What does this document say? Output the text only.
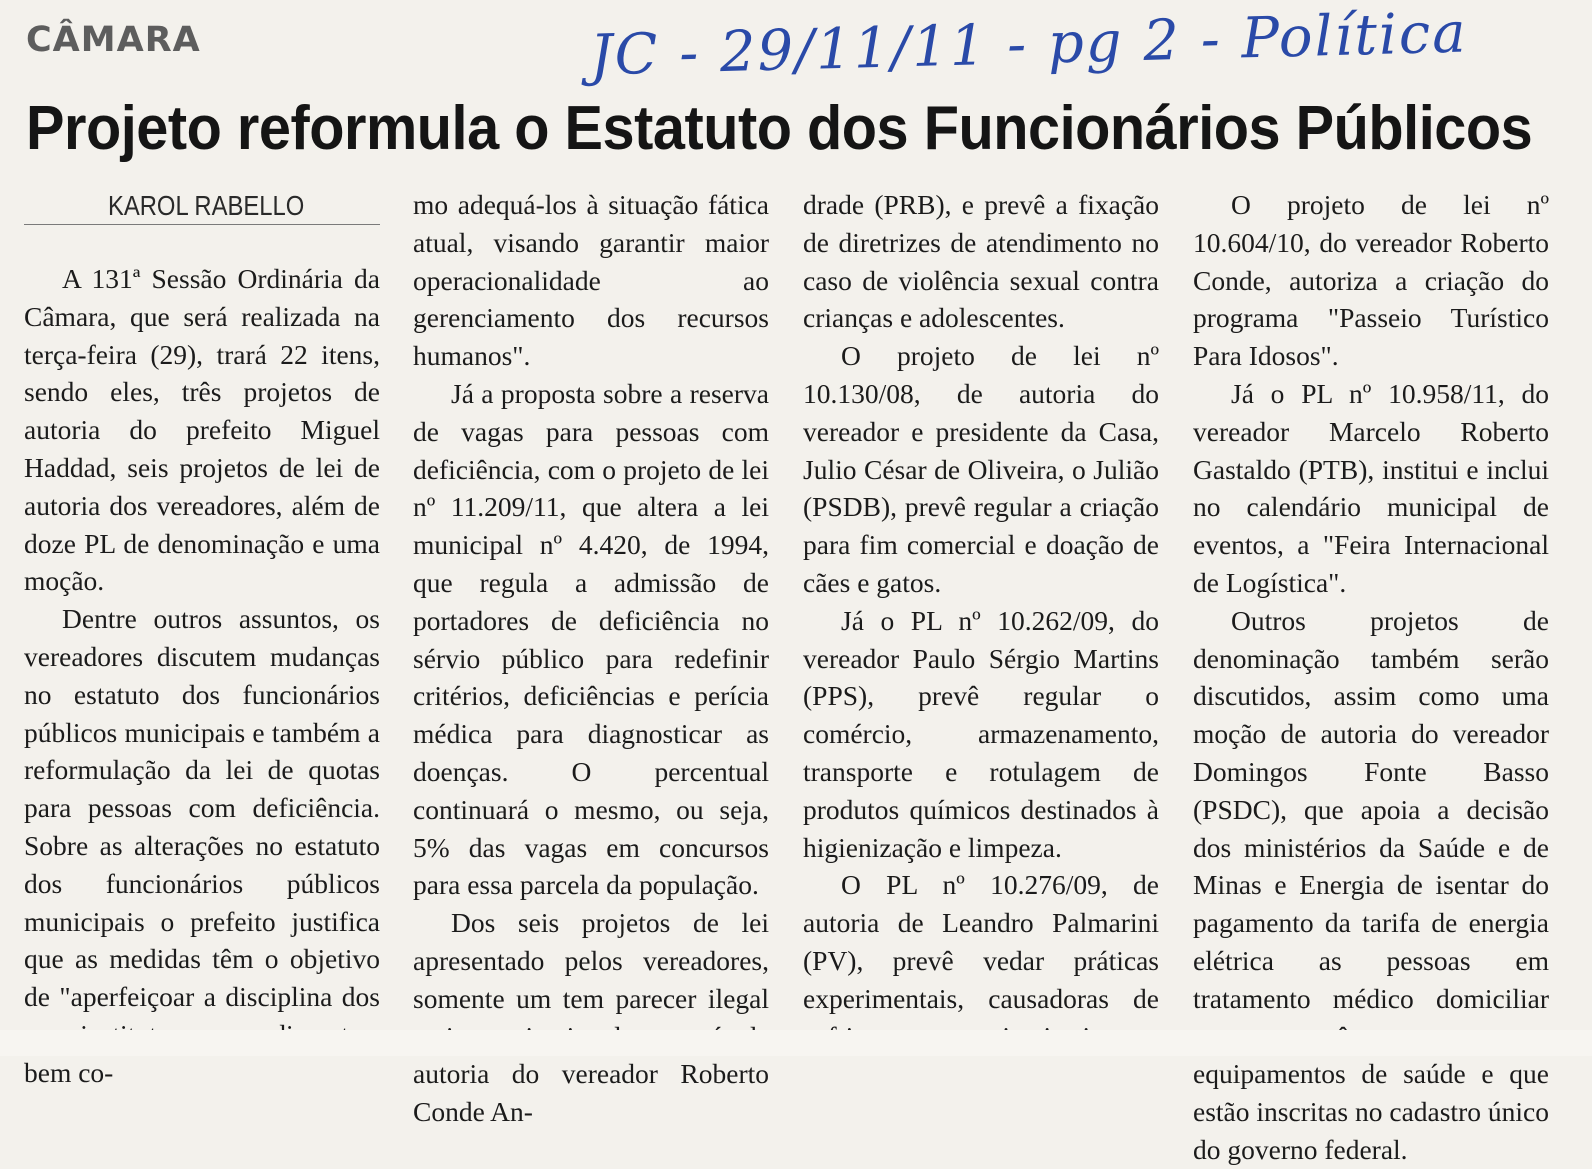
CÂMARA	JC - 29/11/11 - pg 2 - Política
Projeto reformula o Estatuto dos Funcionários Públicos
KAROL RABELLO

A 131ª Sessão Ordinária da Câmara, que será realizada na terça-feira (29), trará 22 itens, sendo eles, três projetos de autoria do prefeito Miguel Haddad, seis projetos de lei de autoria dos vereadores, além de doze PL de denominação e uma moção.

Dentre outros assuntos, os vereadores discutem mudanças no estatuto dos funcionários públicos municipais e também a reformulação da lei de quotas para pessoas com deficiência. Sobre as alterações no estatuto dos funcionários públicos municipais o prefeito justifica que as medidas têm o objetivo de "aperfeiçoar a disciplina dos bem co-

mo adequá-los à situação fática atual, visando garantir maior operacionalidade ao gerenciamento dos recursos humanos".

Já a proposta sobre a reserva de vagas para pessoas com deficiência, com o projeto de lei nº 11.209/11, que altera a lei municipal nº 4.420, de 1994, que regula a admissão de portadores de deficiência no sérvio público para redefinir critérios, deficiências e perícia médica para diagnosticar as doenças. O percentual continuará o mesmo, ou seja, 5% das vagas em concursos para essa parcela da população.

Dos seis projetos de lei apresentado pelos vereadores, somente um tem parecer ilegal autoria do vereador Roberto Conde An-

drade (PRB), e prevê a fixação de diretrizes de atendimento no caso de violência sexual contra crianças e adolescentes.

O projeto de lei nº 10.130/08, de autoria do vereador e presidente da Casa, Julio César de Oliveira, o Julião (PSDB), prevê regular a criação para fim comercial e doação de cães e gatos.

Já o PL nº 10.262/09, do vereador Paulo Sérgio Martins (PPS), prevê regular o comércio, armazenamento, transporte e rotulagem de produtos químicos destinados à higienização e limpeza.

O PL nº 10.276/09, de autoria de Leandro Palmarini (PV), prevê vedar práticas experimentais, causadoras de

O projeto de lei nº 10.604/10, do vereador Roberto Conde, autoriza a criação do programa "Passeio Turístico Para Idosos".

Já o PL nº 10.958/11, do vereador Marcelo Roberto Gastaldo (PTB), institui e inclui no calendário municipal de eventos, a "Feira Internacional de Logística".

Outros projetos de denominação também serão discutidos, assim como uma moção de autoria do vereador Domingos Fonte Basso (PSDC), que apoia a decisão dos ministérios da Saúde e de Minas e Energia de isentar do pagamento da tarifa de energia elétrica as pessoas em tratamento médico domiciliar equipamentos de saúde e que estão inscritas no cadastro único do governo federal.
